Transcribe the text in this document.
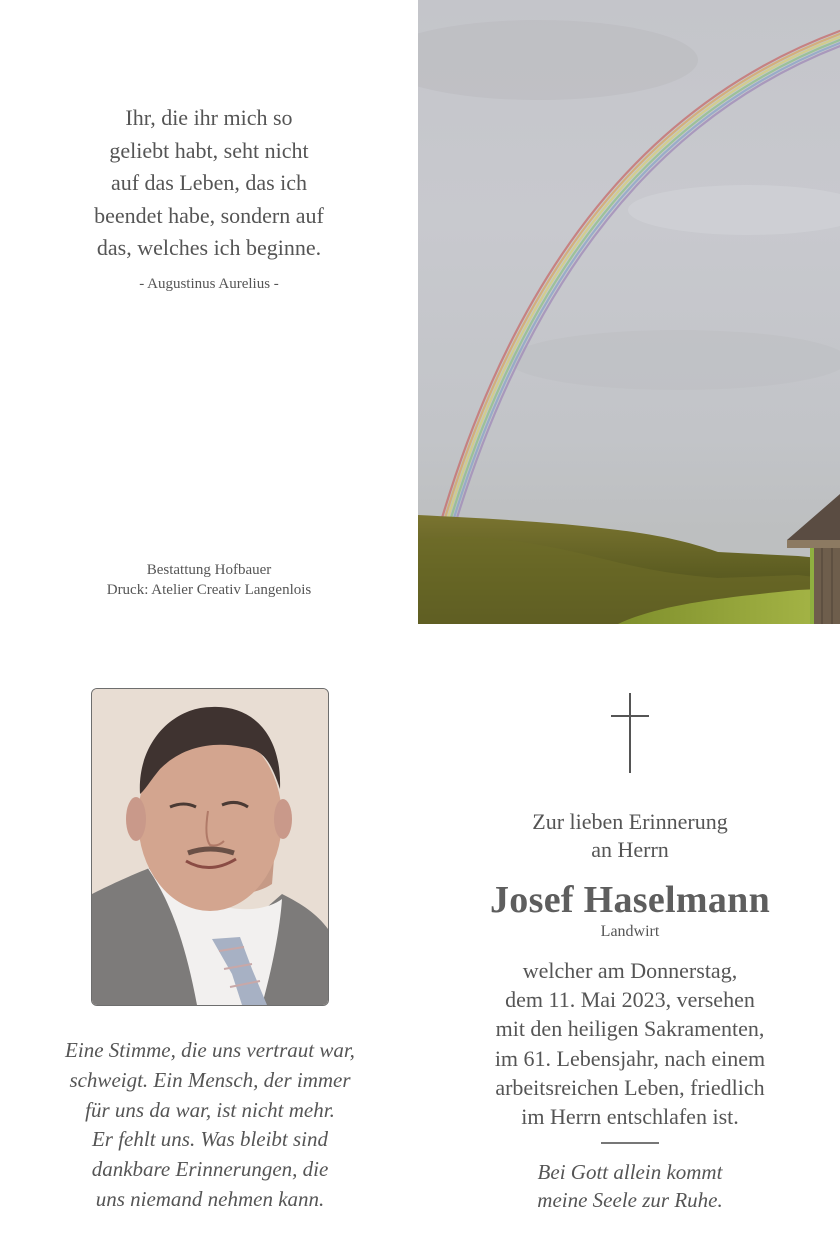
Ihr, die ihr mich so
geliebt habt, seht nicht
auf das Leben, das ich
beendet habe, sondern auf
das, welches ich beginne.
- Augustinus Aurelius -
Bestattung Hofbauer
Druck: Atelier Creativ Langenlois
Eine Stimme, die uns vertraut war,
schweigt. Ein Mensch, der immer
für uns da war, ist nicht mehr.
Er fehlt uns. Was bleibt sind
dankbare Erinnerungen, die
uns niemand nehmen kann.
Zur lieben Erinnerung
an Herrn
Josef Haselmann
Landwirt
welcher am Donnerstag,
dem 11. Mai 2023, versehen
mit den heiligen Sakramenten,
im 61. Lebensjahr, nach einem
arbeitsreichen Leben, friedlich
im Herrn entschlafen ist.
Bei Gott allein kommt
meine Seele zur Ruhe.
